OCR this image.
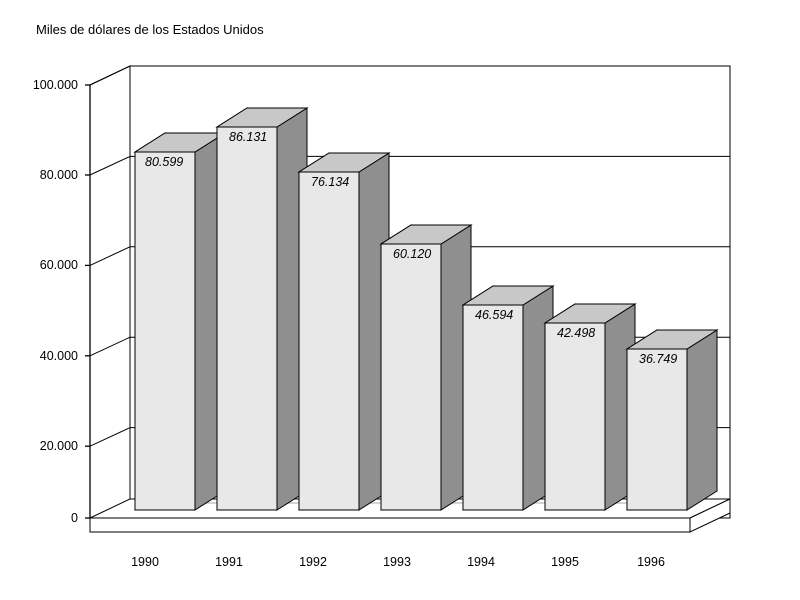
Miles de dólares de los Estados Unidos
80.599
86.131
76.134
60.120
46.594
42.498
36.749
0
20.000
40.000
60.000
80.000
100.000
1990	1991	1992	1993	1994	1995	1996
